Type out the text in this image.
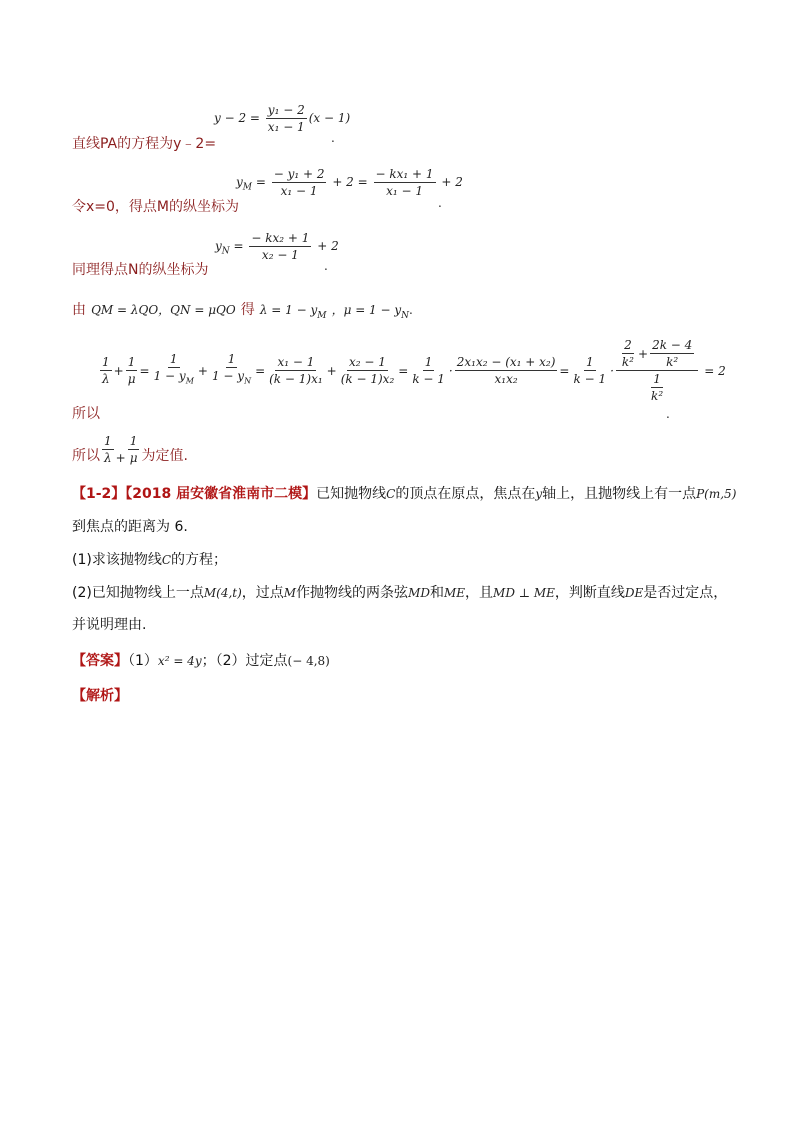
直线PA的方程为y﹣2=
$y - 2 = \frac{\text{y₁ − 2}}{\text{x₁ − 1}} (x - 1)$
.
令x=0，得点M的纵坐标为
$y_M = \frac{\text{− y₁ + 2}}{\text{x₁ − 1}} + 2 = \frac{\text{− kx₁ + 1}}{\text{x₁ − 1}} + 2$
.
同理得点N的纵坐标为
$y_N = \frac{\text{− kx₂ + 1}}{\text{x₂ − 1}} + 2$
.
由 QM = λQO，QN = μQO 得 $\lambda = 1 - y_M$ ，$\mu = 1 - y_N$.
$\frac{1}{\lambda} + \frac{1}{\mu} = \frac{1}{1 - y_M} + \frac{1}{1 - y_N} = \frac{\text{x₁ − 1}}{\text{(k − 1)x₁}} + \frac{\text{x₂ − 1}}{\text{(k − 1)x₂}} = \frac{1}{k - 1} \cdot \frac{\text{2x₁x₂ − (x₁ + x₂)}}{\text{x₁x₂}} = \frac{1}{k - 1} \cdot \frac{\frac{2}{\text{k²}} + \frac{2k - 4}{\text{k²}}}{\frac{1}{\text{k²}}} = 2$
所以	.
所以 $\frac{1}{\lambda} + \frac{1}{\mu}$ 为定值.
【1-2】【2018 届安徽省淮南市二模】已知抛物线C的顶点在原点，焦点在y轴上，且抛物线上有一点P(m,5)
到焦点的距离为 6.
(1)求该抛物线C的方程；
(2)已知抛物线上一点M(4,t)，过点M作抛物线的两条弦MD和ME，且MD ⊥ ME，判断直线DE是否过定点，
并说明理由.
【答案】（1）x² = 4y；（2）过定点(− 4,8)
【解析】
